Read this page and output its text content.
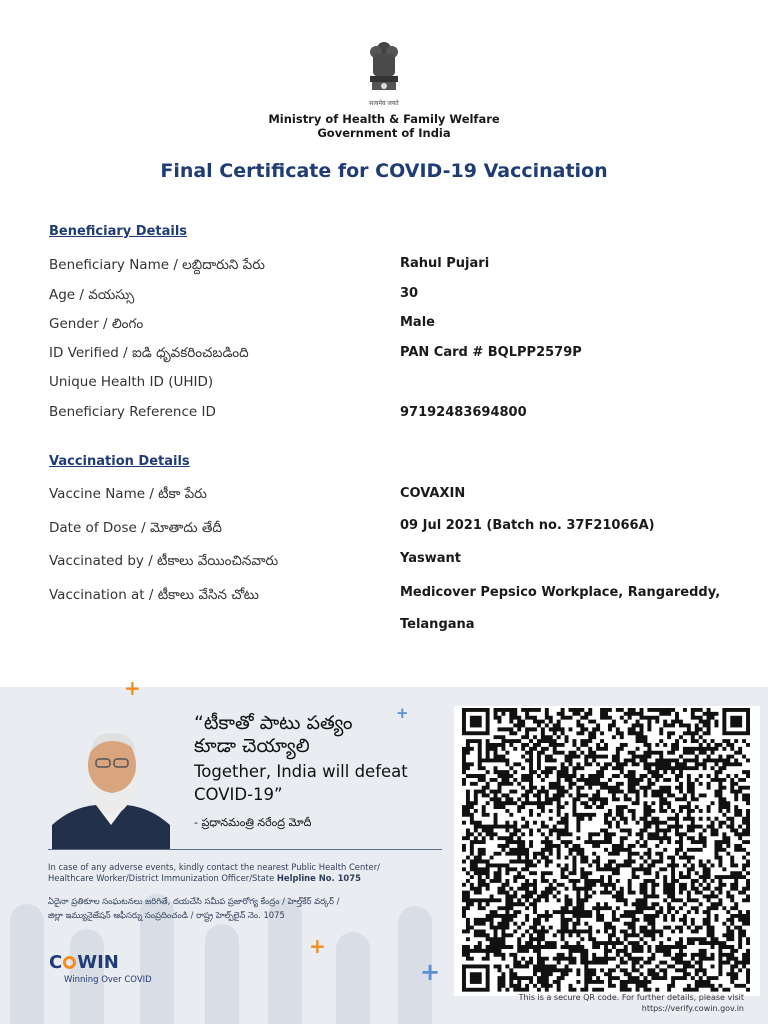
सत्यमेव जयते
Ministry of Health & Family Welfare
Government of India
Final Certificate for COVID-19 Vaccination
Beneficiary Details
Beneficiary Name / లబ్దిదారుని పేరు	Rahul Pujari
Age / వయస్సు	30
Gender / లింగం	Male
ID Verified / ఐడి ధృవకరించబడింది	PAN Card # BQLPP2579P
Unique Health ID (UHID)
Beneficiary Reference ID	97192483694800
Vaccination Details
Vaccine Name / టీకా పేరు	COVAXIN
Date of Dose / మోతాదు తేదీ	09 Jul 2021 (Batch no. 37F21066A)
Vaccinated by / టీకాలు వేయించినవారు	Yaswant
Vaccination at / టీకాలు వేసిన చోటు	Medicover Pepsico Workplace, Rangareddy,
Telangana
+
+
+
+
“టీకాతో పాటు పత్యం
కూడా చెయ్యాలి
Together, India will defeat
COVID-19”
- ప్రధానమంత్రి నరేంద్ర మోదీ
In case of any adverse events, kindly contact the nearest Public Health Center/
Healthcare Worker/District Immunization Officer/State Helpline No. 1075
ఏదైనా ప్రతికూల సంఘటనలు జరిగితే, దయచేసి సమీప ప్రజారోగ్య కేంద్రం / హెల్త్‌కేర్ వర్కర్ /
జిల్లా ఇమ్యునైజేషన్ ఆఫీసర్ను సంప్రదించండి / రాష్ట్ర హెల్ప్‌లైన్ నెం. 1075
C WIN
Winning Over COVID
This is a secure QR code. For further details, please visit
https://verify.cowin.gov.in
